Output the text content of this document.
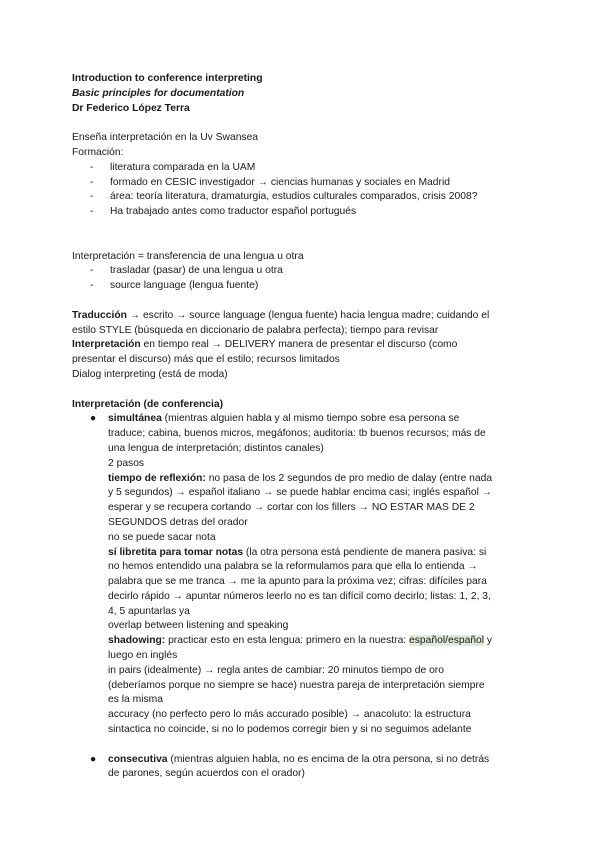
Introduction to conference interpreting
Basic principles for documentation
Dr Federico López Terra
Enseña interpretación en la Uv Swansea
Formación:
- literatura comparada en la UAM
- formado en CESIC investigador → ciencias humanas y sociales en Madrid
- área: teoría literatura, dramaturgia, estudios culturales comparados, crisis 2008?
- Ha trabajado antes como traductor español portugués
Interpretación = transferencia de una lengua u otra
- trasladar (pasar) de una lengua u otra
- source language (lengua fuente)
Traducción → escrito → source language (lengua fuente) hacia lengua madre; cuidando el
estilo STYLE (búsqueda en diccionario de palabra perfecta); tiempo para revisar
Interpretación en tiempo real → DELIVERY manera de presentar el discurso (como
presentar el discurso) más que el estilo; recursos limitados
Dialog interpreting (está de moda)
Interpretación (de conferencia)
● simultánea (mientras alguien habla y al mismo tiempo sobre esa persona se
traduce; cabina, buenos micros, megáfonos; auditoria: tb buenos recursos; más de
una lengua de interpretación; distintos canales)
2 pasos
tiempo de reflexión: no pasa de los 2 segundos de pro medio de dalay (entre nada
y 5 segundos) → español italiano → se puede hablar encima casi; inglés español →
esperar y se recupera cortando → cortar con los fillers → NO ESTAR MAS DE 2
SEGUNDOS detras del orador
no se puede sacar nota
sí libretita para tomar notas (la otra persona está pendiente de manera pasiva: si
no hemos entendido una palabra se la reformulamos para que ella lo entienda →
palabra que se me tranca → me la apunto para la próxima vez; cifras: difíciles para
decirlo rápido → apuntar números leerlo no es tan difícil como decirlo; listas: 1, 2, 3,
4, 5 apuntarlas ya
overlap between listening and speaking
shadowing: practicar esto en esta lengua: primero en la nuestra: español/español y
luego en inglés
in pairs (idealmente) → regla antes de cambiar: 20 minutos tiempo de oro
(deberíamos porque no siempre se hace) nuestra pareja de interpretación siempre
es la misma
accuracy (no perfecto pero lo más accurado posible) → anacoluto: la estructura
sintactica no coincide, si no lo podemos corregir bien y si no seguimos adelante
● consecutiva (mientras alguien habla, no es encima de la otra persona, si no detrás
de parones, según acuerdos con el orador)
